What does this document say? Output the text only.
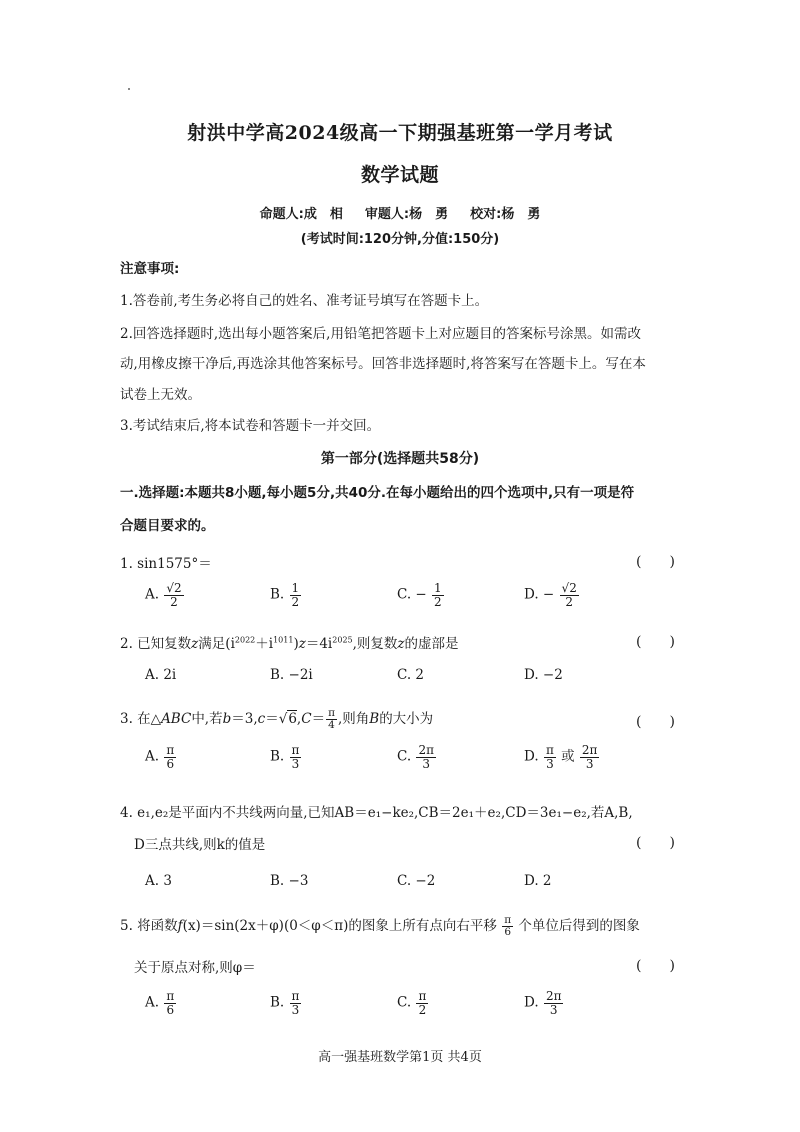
射洪中学高2024级高一下期强基班第一学月考试
数学试题
命题人:成　相 审题人:杨　勇 校对:杨　勇
(考试时间:120分钟,分值:150分)
注意事项:
1.答卷前,考生务必将自己的姓名、准考证号填写在答题卡上。
2.回答选择题时,选出每小题答案后,用铅笔把答题卡上对应题目的答案标号涂黑。如需改
动,用橡皮擦干净后,再选涂其他答案标号。回答非选择题时,将答案写在答题卡上。写在本
试卷上无效。
3.考试结束后,将本试卷和答题卡一并交回。
第一部分(选择题共58分)
一.选择题:本题共8小题,每小题5分,共40分.在每小题给出的四个选项中,只有一项是符
合题目要求的。
1. sin1575°＝	(　　)
A. $\frac{√2}{2}$	B. $\frac{1}{2}$	C. − $\frac{1}{2}$	D. − $\frac{√2}{2}$
2. 已知复数z满足$(i^{2022}+i^{1011})z=4i^{2025}$,则复数z的虚部是	(　　)
A. 2i	B. −2i	C. 2	D. −2
3. 在△ABC中,若$b=3,c=√6,C= \frac{\pi}{4}$ ,则角B的大小为	(　　)
A. $\frac{\pi}{6}$	B. $\frac{\pi}{3}$	C. $\frac{2\pi}{3}$	D. $\frac{\pi}{3}$ 或 $\frac{2\pi}{3}$
4. e₁,e₂是平面内不共线两向量,已知AB＝e₁−ke₂,CB＝2e₁＋e₂,CD＝3e₁−e₂,若A,B,
D三点共线,则k的值是	(　　)
A. 3	B. −3	C. −2	D. 2
5. 将函数f(x)＝sin(2x＋φ)(0＜φ＜π)的图象上所有点向右平移 $\frac{\pi}{6}$ 个单位后得到的图象
关于原点对称,则φ＝	(　　)
A. $\frac{\pi}{6}$	B. $\frac{\pi}{3}$	C. $\frac{\pi}{2}$	D. $\frac{2\pi}{3}$
高一强基班数学第1页 共4页
